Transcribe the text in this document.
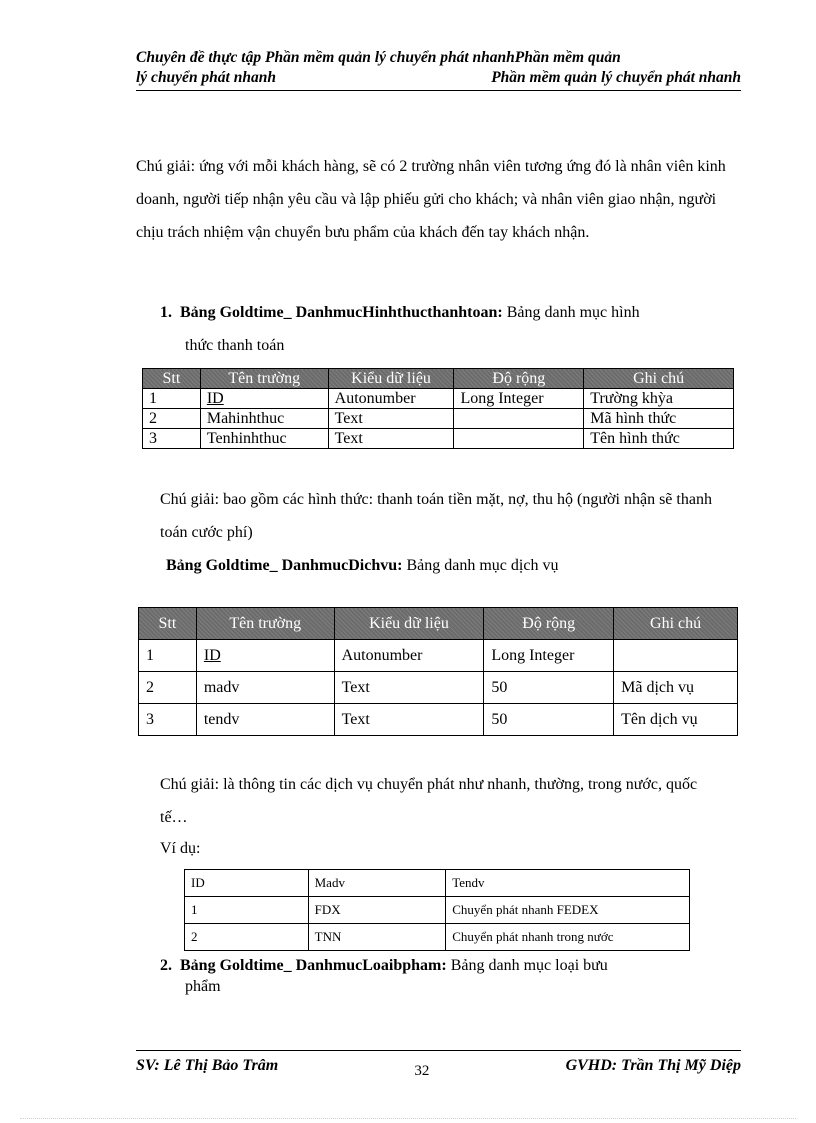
Chuyên đề thực tập Phần mềm quản lý chuyển phát nhanhPhần mềm quản
lý chuyển phát nhanh	Phần mềm quản lý chuyển phát nhanh

Chú giải: ứng với mỗi khách hàng, sẽ có 2 trường nhân viên tương ứng đó là nhân viên kinh doanh, người tiếp nhận yêu cầu và lập phiếu gửi cho khách; và nhân viên giao nhận, người chịu trách nhiệm vận chuyển bưu phẩm của khách đến tay khách nhận.

1. Bảng Goldtime_ DanhmucHinhthucthanhtoan: Bảng danh mục hình
thức thanh toán
Stt	Tên trường	Kiểu dữ liệu	Độ rộng	Ghi chú
1	ID	Autonumber	Long Integer	Trường khỳa
2	Mahinhthuc	Text		Mã hình thức
3	Tenhinhthuc	Text		Tên hình thức

Chú giải: bao gồm các hình thức: thanh toán tiền mặt, nợ, thu hộ (người nhận sẽ thanh toán cước phí)

Bảng Goldtime_ DanhmucDichvu: Bảng danh mục dịch vụ
Stt	Tên trường	Kiểu dữ liệu	Độ rộng	Ghi chú
1	ID	Autonumber	Long Integer	
2	madv	Text	50	Mã dịch vụ
3	tendv	Text	50	Tên dịch vụ

Chú giải: là thông tin các dịch vụ chuyển phát như nhanh, thường, trong nước, quốc tế…

Ví dụ:
ID	Madv	Tendv
1	FDX	Chuyển phát nhanh FEDEX
2	TNN	Chuyển phát nhanh trong nước
2. Bảng Goldtime_ DanhmucLoaibpham: Bảng danh mục loại bưu
phẩm
SV: Lê Thị Bảo Trâm	32	GVHD: Trần Thị Mỹ Diệp
